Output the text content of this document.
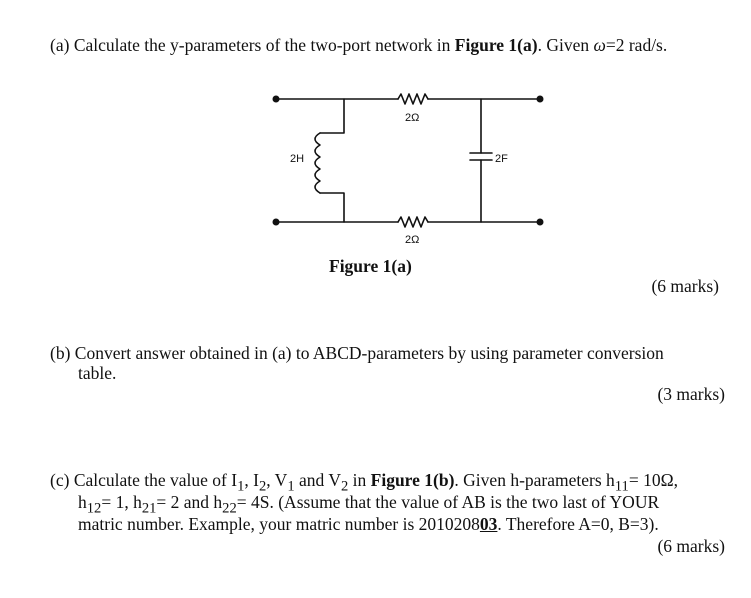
(a) Calculate the y-parameters of the two-port network in Figure 1(a). Given ω=2 rad/s.
2Ω
2Ω
2H	2F
Figure 1(a)
(6 marks)
(b) Convert answer obtained in (a) to ABCD-parameters by using parameter conversion
table.
(3 marks)
(c) Calculate the value of $I_1$, $I_2$, $V_1$ and $V_2$ in Figure 1(b). Given h-parameters $h_{11}= 10\Omega$,
$h_{12}= 1$, $h_{21}= 2$ and $h_{22}= 4S$. (Assume that the value of AB is the two last of YOUR
matric number. Example, your matric number is 201020803. Therefore A=0, B=3).
(6 marks)
